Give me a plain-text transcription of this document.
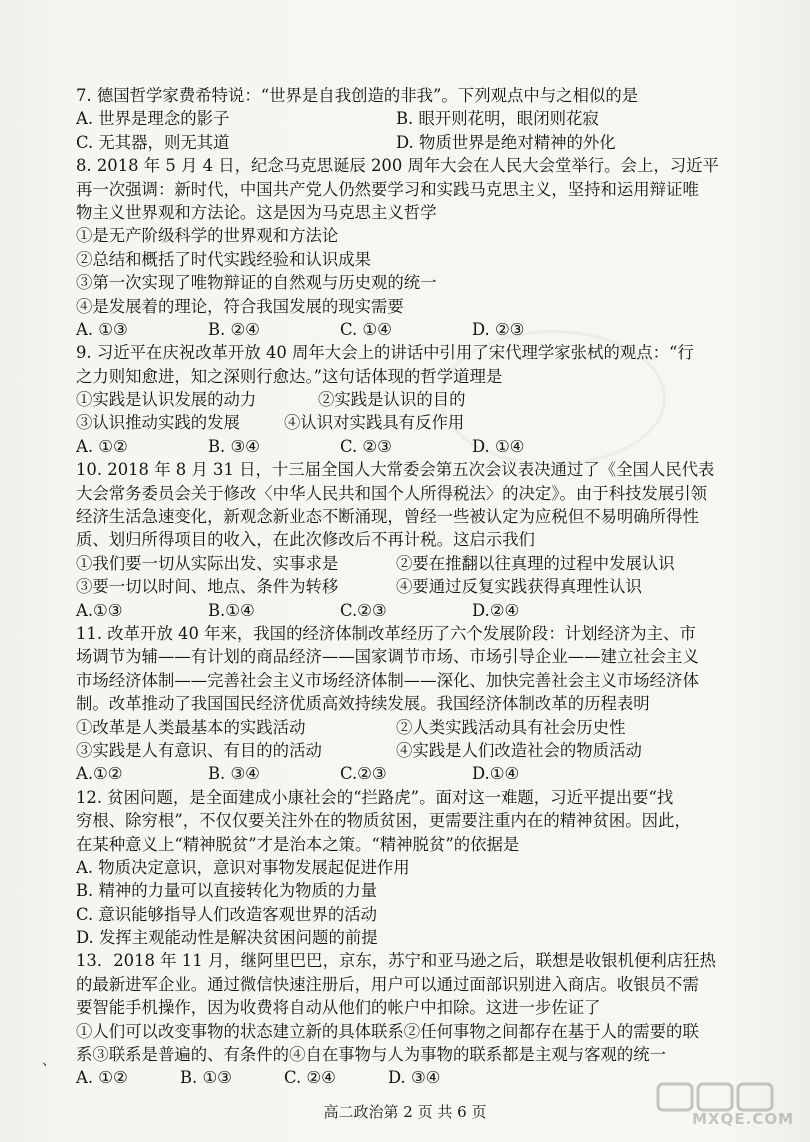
7. 德国哲学家费希特说：“世界是自我创造的非我”。下列观点中与之相似的是
A. 世界是理念的影子	B. 眼开则花明，眼闭则花寂
C. 无其器，则无其道	D. 物质世界是绝对精神的外化
8. 2018 年 5 月 4 日，纪念马克思诞辰 200 周年大会在人民大会堂举行。会上，习近平
再一次强调：新时代，中国共产党人仍然要学习和实践马克思主义，坚持和运用辩证唯
物主义世界观和方法论。这是因为马克思主义哲学
①是无产阶级科学的世界观和方法论
②总结和概括了时代实践经验和认识成果
③第一次实现了唯物辩证的自然观与历史观的统一
④是发展着的理论，符合我国发展的现实需要
A. ①③	B. ②④	C. ①④	D. ②③
9. 习近平在庆祝改革开放 40 周年大会上的讲话中引用了宋代理学家张栻的观点：“行
之力则知愈进，知之深则行愈达。”这句话体现的哲学道理是
①实践是认识发展的动力	②实践是认识的目的
③认识推动实践的发展	④认识对实践具有反作用
A. ①②	B. ③④	C. ②③	D. ①④
10. 2018 年 8 月 31 日，十三届全国人大常委会第五次会议表决通过了《全国人民代表
大会常务委员会关于修改〈中华人民共和国个人所得税法〉的决定》。由于科技发展引领
经济生活急速变化，新观念新业态不断涌现，曾经一些被认定为应税但不易明确所得性
质、划归所得项目的收入，在此次修改后不再计税。这启示我们
①我们要一切从实际出发、实事求是	②要在推翻以往真理的过程中发展认识
③要一切以时间、地点、条件为转移	④要通过反复实践获得真理性认识
A.①③	B.①④	C.②③	D.②④
11. 改革开放 40 年来，我国的经济体制改革经历了六个发展阶段：计划经济为主、市
场调节为辅——有计划的商品经济——国家调节市场、市场引导企业——建立社会主义
市场经济体制——完善社会主义市场经济体制——深化、加快完善社会主义市场经济体
制。改革推动了我国国民经济优质高效持续发展。我国经济体制改革的历程表明
①改革是人类最基本的实践活动	②人类实践活动具有社会历史性
③实践是人有意识、有目的的活动	④实践是人们改造社会的物质活动
A.①②	B. ③④	C.②③	D.①④
12. 贫困问题，是全面建成小康社会的“拦路虎”。面对这一难题，习近平提出要“找
穷根、除穷根”，不仅仅要关注外在的物质贫困，更需要注重内在的精神贫困。因此，
在某种意义上“精神脱贫”才是治本之策。“精神脱贫”的依据是
A. 物质决定意识，意识对事物发展起促进作用
B. 精神的力量可以直接转化为物质的力量
C. 意识能够指导人们改造客观世界的活动
D. 发挥主观能动性是解决贫困问题的前提
13．2018 年 11 月，继阿里巴巴，京东，苏宁和亚马逊之后，联想是收银机便利店狂热
的最新进军企业。通过微信快速注册后，用户可以通过面部识别进入商店。收银员不需
要智能手机操作，因为收费将自动从他们的帐户中扣除。这进一步佐证了
①人们可以改变事物的状态建立新的具体联系②任何事物之间都存在基于人的需要的联
系③联系是普遍的、有条件的④自在事物与人为事物的联系都是主观与客观的统一
A. ①②	B. ①③	C. ②④	D. ③④
、
高二政治第 2 页 共 6 页	MXQE.COM
